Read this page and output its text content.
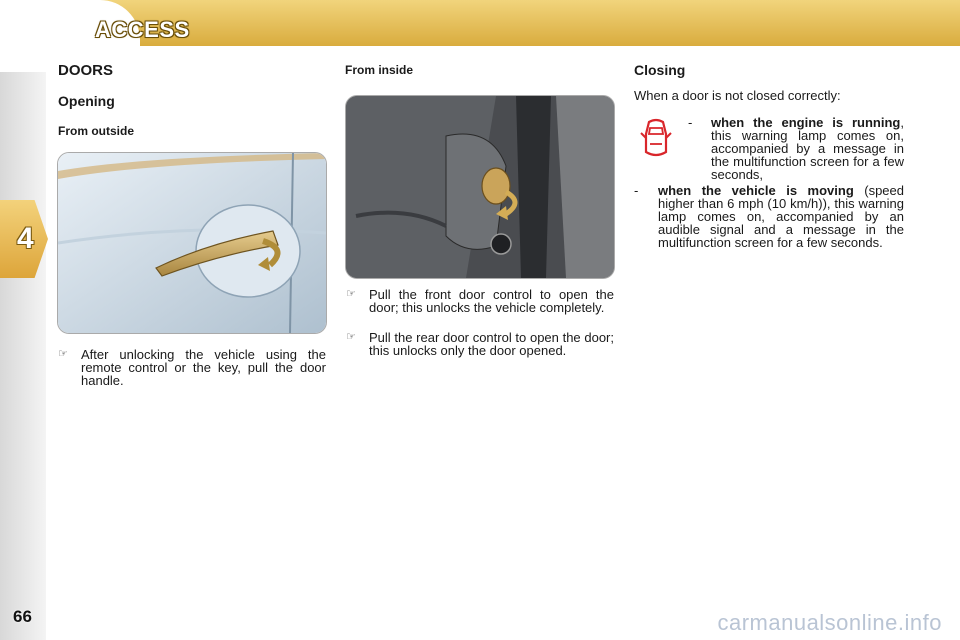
ACCESS
4
66
DOORS
Opening
From outside
☞ After unlocking the vehicle using the remote control or the key, pull the door handle.
From inside
☞ Pull the front door control to open the door; this unlocks the vehicle completely.
☞ Pull the rear door control to open the door; this unlocks only the door opened.
Closing
When a door is not closed correctly:
- when the engine is running, this warning lamp comes on, accompanied by a message in the multifunction screen for a few seconds,
- when the vehicle is moving (speed higher than 6 mph (10 km/h)), this warning lamp comes on, accompanied by an audible signal and a message in the multifunction screen for a few seconds.
carmanualsonline.info
